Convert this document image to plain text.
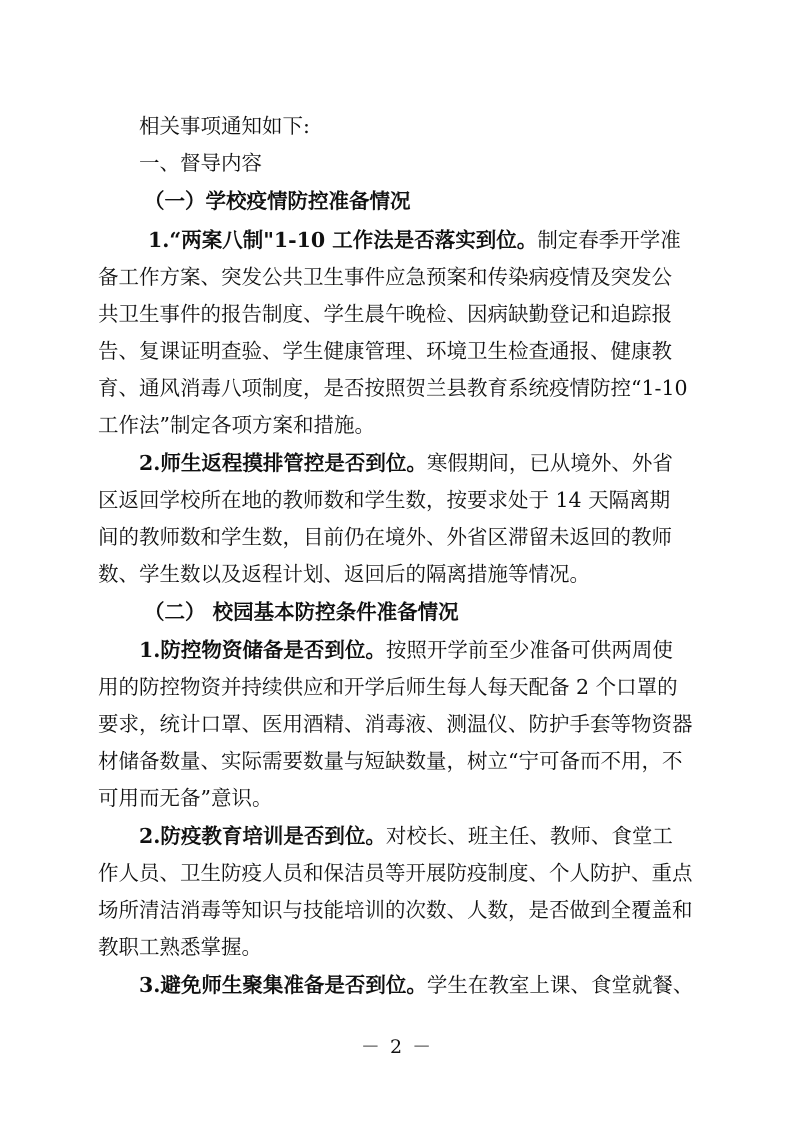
相关事项通知如下:
一、督导内容
（一）学校疫情防控准备情况
1.“两案八制"1-10 工作法是否落实到位。制定春季开学准
备工作方案、突发公共卫生事件应急预案和传染病疫情及突发公
共卫生事件的报告制度、学生晨午晚检、因病缺勤登记和追踪报
告、复课证明查验、学生健康管理、环境卫生检查通报、健康教
育、通风消毒八项制度，是否按照贺兰县教育系统疫情防控“1-10
工作法”制定各项方案和措施。
2.师生返程摸排管控是否到位。寒假期间，已从境外、外省
区返回学校所在地的教师数和学生数，按要求处于 14 天隔离期
间的教师数和学生数，目前仍在境外、外省区滞留未返回的教师
数、学生数以及返程计划、返回后的隔离措施等情况。
（二） 校园基本防控条件准备情况
1.防控物资储备是否到位。按照开学前至少准备可供两周使
用的防控物资并持续供应和开学后师生每人每天配备 2 个口罩的
要求，统计口罩、医用酒精、消毒液、测温仪、防护手套等物资器
材储备数量、实际需要数量与短缺数量，树立“宁可备而不用，不
可用而无备”意识。
2.防疫教育培训是否到位。对校长、班主任、教师、食堂工
作人员、卫生防疫人员和保洁员等开展防疫制度、个人防护、重点
场所清洁消毒等知识与技能培训的次数、人数，是否做到全覆盖和
教职工熟悉掌握。
3.避免师生聚集准备是否到位。学生在教室上课、食堂就餐、
－ 2 －
